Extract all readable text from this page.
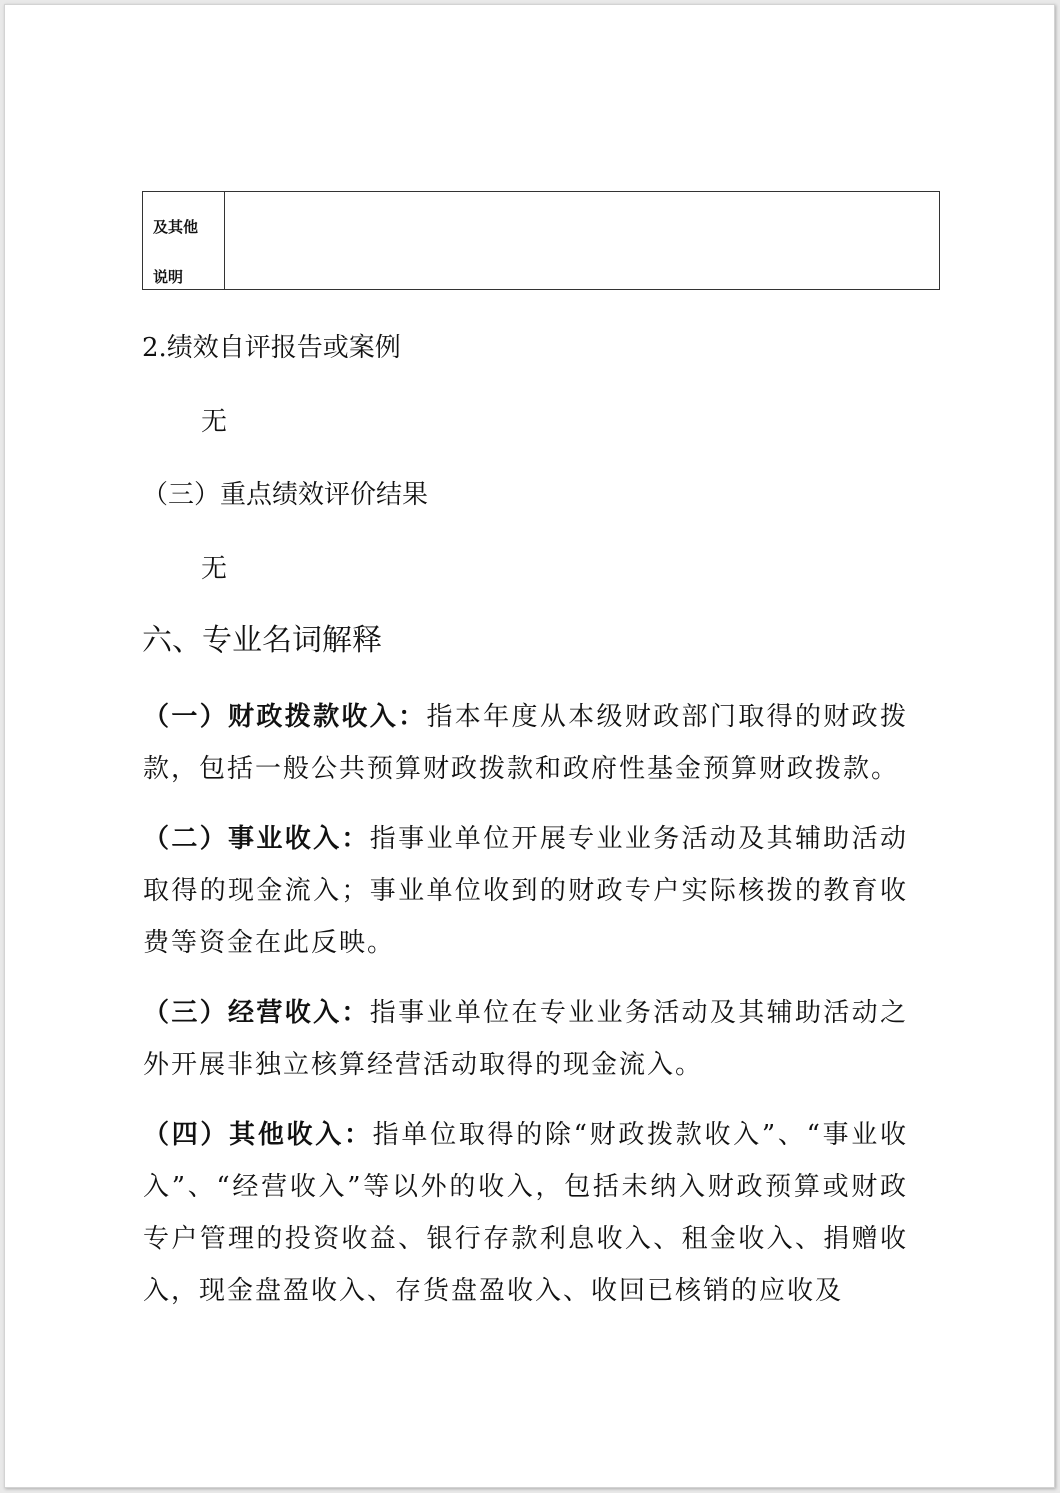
及其他
说明
2.绩效自评报告或案例
无
（三）重点绩效评价结果
无
六、专业名词解释
（一）财政拨款收入：指本年度从本级财政部门取得的财政拨款，包括一般公共预算财政拨款和政府性基金预算财政拨款。
（二）事业收入：指事业单位开展专业业务活动及其辅助活动取得的现金流入；事业单位收到的财政专户实际核拨的教育收费等资金在此反映。
（三）经营收入：指事业单位在专业业务活动及其辅助活动之外开展非独立核算经营活动取得的现金流入。
（四）其他收入：指单位取得的除“财政拨款收入”、“事业收入”、“经营收入”等以外的收入，包括未纳入财政预算或财政专户管理的投资收益、银行存款利息收入、租金收入、捐赠收入，现金盘盈收入、存货盘盈收入、收回已核销的应收及
